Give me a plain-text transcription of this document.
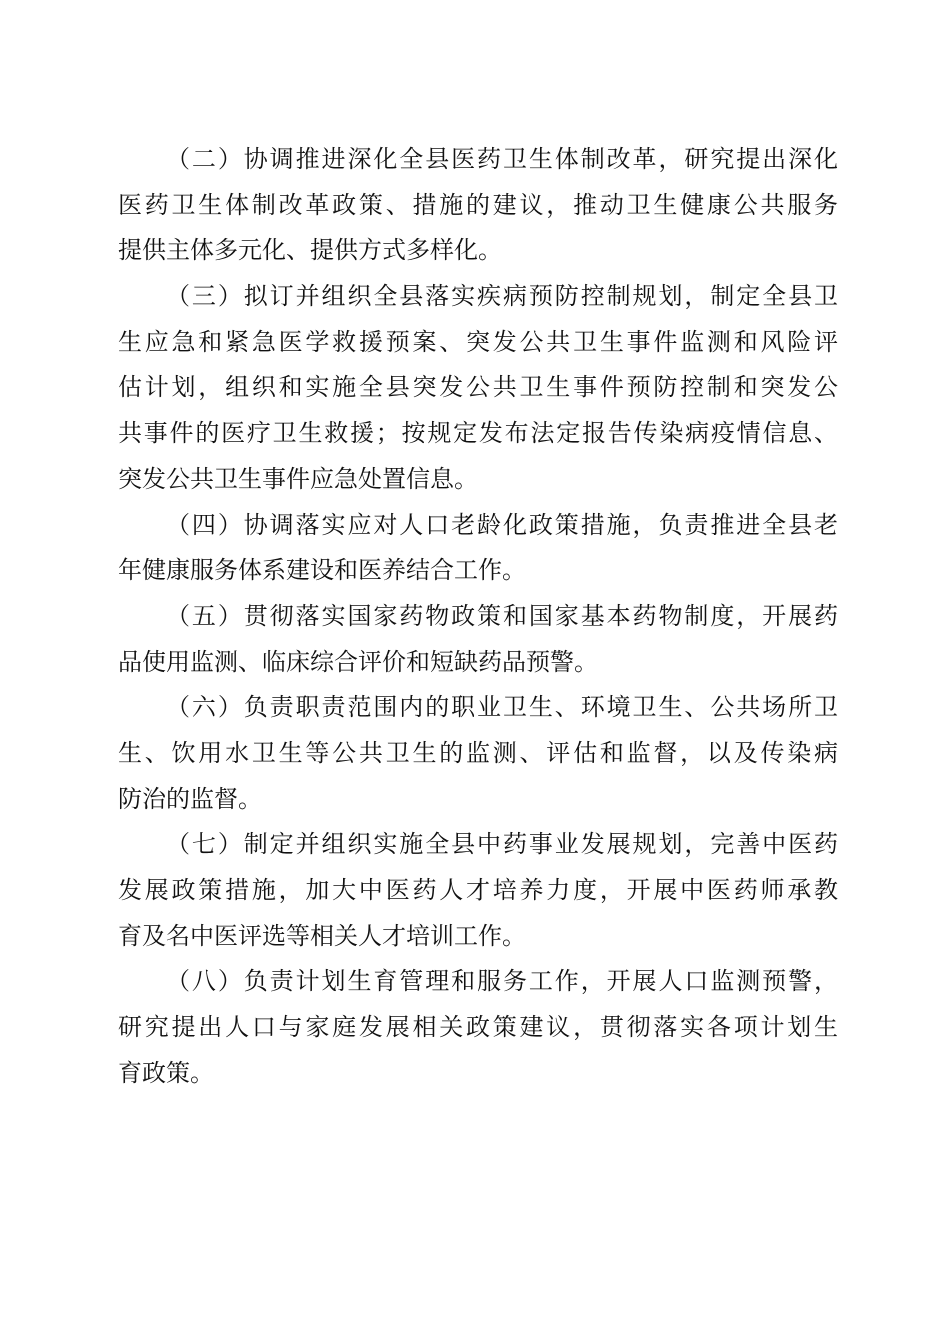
（二）协调推进深化全县医药卫生体制改革，研究提出深化
医药卫生体制改革政策、措施的建议，推动卫生健康公共服务
提供主体多元化、提供方式多样化。

（三）拟订并组织全县落实疾病预防控制规划，制定全县卫
生应急和紧急医学救援预案、突发公共卫生事件监测和风险评
估计划，组织和实施全县突发公共卫生事件预防控制和突发公
共事件的医疗卫生救援；按规定发布法定报告传染病疫情信息、
突发公共卫生事件应急处置信息。

（四）协调落实应对人口老龄化政策措施，负责推进全县老
年健康服务体系建设和医养结合工作。

（五）贯彻落实国家药物政策和国家基本药物制度，开展药
品使用监测、临床综合评价和短缺药品预警。

（六）负责职责范围内的职业卫生、环境卫生、公共场所卫
生、饮用水卫生等公共卫生的监测、评估和监督，以及传染病
防治的监督。

（七）制定并组织实施全县中药事业发展规划，完善中医药
发展政策措施，加大中医药人才培养力度，开展中医药师承教
育及名中医评选等相关人才培训工作。

（八）负责计划生育管理和服务工作，开展人口监测预警，
研究提出人口与家庭发展相关政策建议，贯彻落实各项计划生
育政策。
